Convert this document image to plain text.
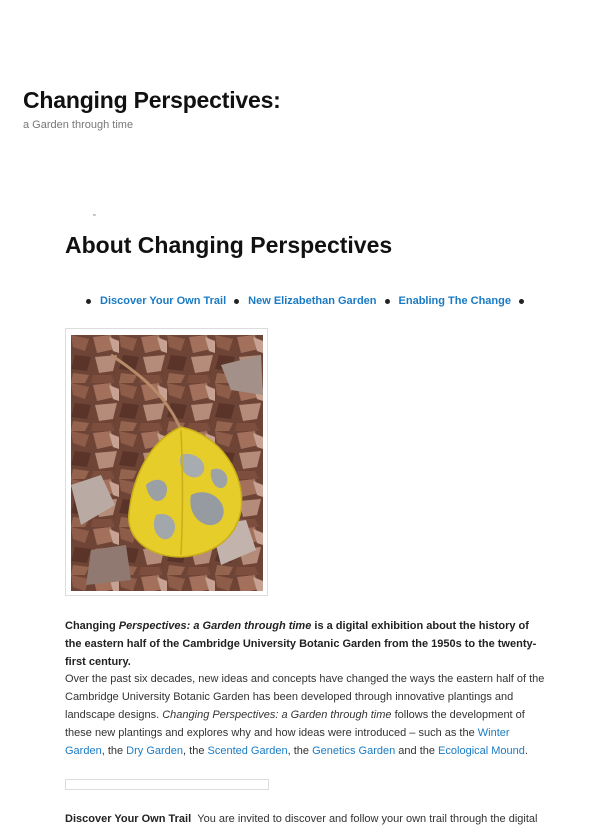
Changing Perspectives:

a Garden through time

▫
About Changing Perspectives
Discover Your Own Trail New Elizabethan Garden Enabling The Change

Changing Perspectives: a Garden through time is a digital exhibition about the history of the eastern half of the Cambridge University Botanic Garden from the 1950s to the twenty-first century.

Over the past six decades, new ideas and concepts have changed the ways the eastern half of the Cambridge University Botanic Garden has been developed through innovative plantings and landscape designs. Changing Perspectives: a Garden through time follows the development of these new plantings and explores why and how ideas were introduced – such as the Winter Garden, the Dry Garden, the Scented Garden, the Genetics Garden and the Ecological Mound.

Discover Your Own Trail You are invited to discover and follow your own trail through the digital
